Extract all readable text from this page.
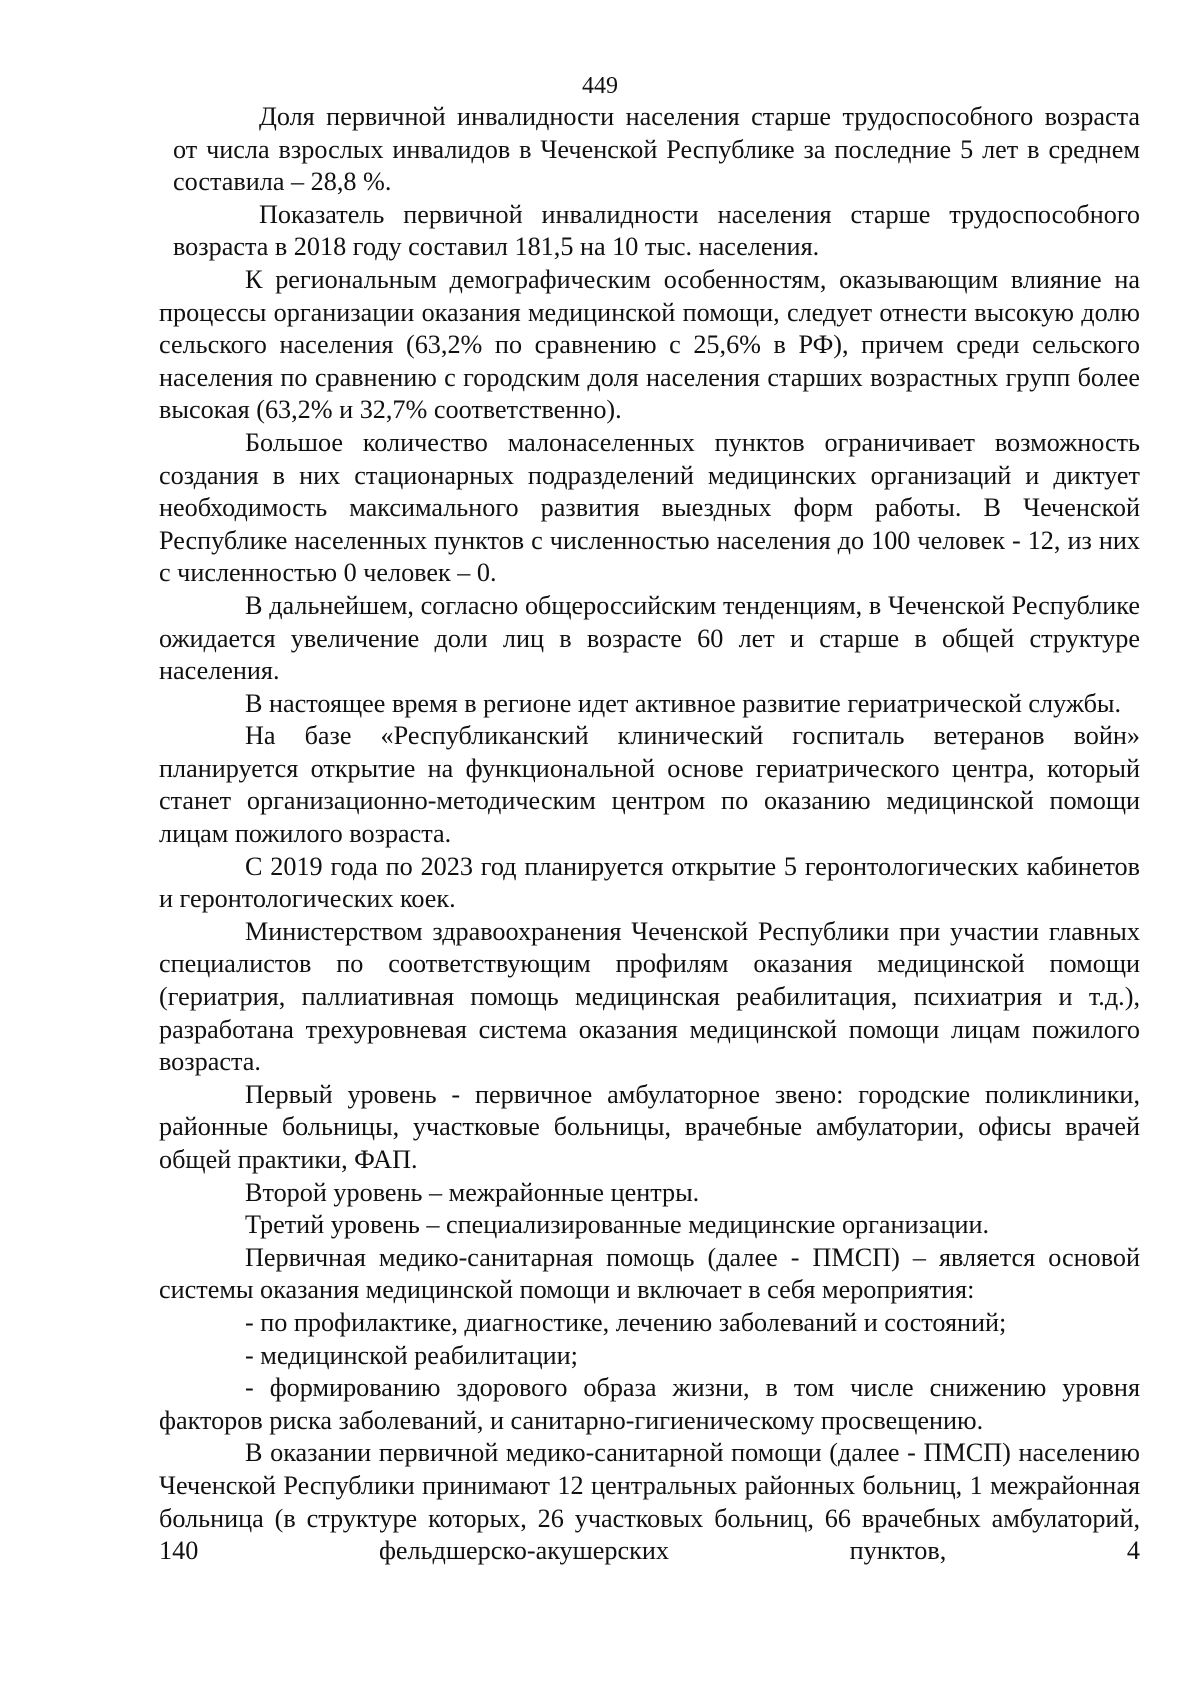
449

Доля первичной инвалидности населения старше трудоспособного возраста от числа взрослых инвалидов в Чеченской Республике за последние 5 лет в среднем составила – 28,8 %.

Показатель первичной инвалидности населения старше трудоспособного возраста в 2018 году составил 181,5 на 10 тыс. населения.

К региональным демографическим особенностям, оказывающим влияние на процессы организации оказания медицинской помощи, следует отнести высокую долю сельского населения (63,2% по сравнению с 25,6% в РФ), причем среди сельского населения по сравнению с городским доля населения старших возрастных групп более высокая (63,2% и 32,7% соответственно).

Большое количество малонаселенных пунктов ограничивает возможность создания в них стационарных подразделений медицинских организаций и диктует необходимость максимального развития выездных форм работы. В Чеченской Республике населенных пунктов с численностью населения до 100 человек - 12, из них с численностью 0 человек – 0.

В дальнейшем, согласно общероссийским тенденциям, в Чеченской Республике ожидается увеличение доли лиц в возрасте 60 лет и старше в общей структуре населения.

В настоящее время в регионе идет активное развитие гериатрической службы.

На базе «Республиканский клинический госпиталь ветеранов войн» планируется открытие на функциональной основе гериатрического центра, который станет организационно-методическим центром по оказанию медицинской помощи лицам пожилого возраста.

С 2019 года по 2023 год планируется открытие 5 геронтологических кабинетов и геронтологических коек.

Министерством здравоохранения Чеченской Республики при участии главных специалистов по соответствующим профилям оказания медицинской помощи (гериатрия, паллиативная помощь медицинская реабилитация, психиатрия и т.д.), разработана трехуровневая система оказания медицинской помощи лицам пожилого возраста.

Первый уровень - первичное амбулаторное звено: городские поликлиники, районные больницы, участковые больницы, врачебные амбулатории, офисы врачей общей практики, ФАП.

Второй уровень – межрайонные центры.

Третий уровень – специализированные медицинские организации.

Первичная медико-санитарная помощь (далее - ПМСП) – является основой системы оказания медицинской помощи и включает в себя мероприятия:

- по профилактике, диагностике, лечению заболеваний и состояний;

- медицинской реабилитации;

- формированию здорового образа жизни, в том числе снижению уровня факторов риска заболеваний, и санитарно-гигиеническому просвещению.

В оказании первичной медико-санитарной помощи (далее - ПМСП) населению Чеченской Республики принимают 12 центральных районных больниц, 1 межрайонная больница (в структуре которых, 26 участковых больниц, 66 врачебных амбулаторий, 140 фельдшерско-акушерских пунктов, 4
